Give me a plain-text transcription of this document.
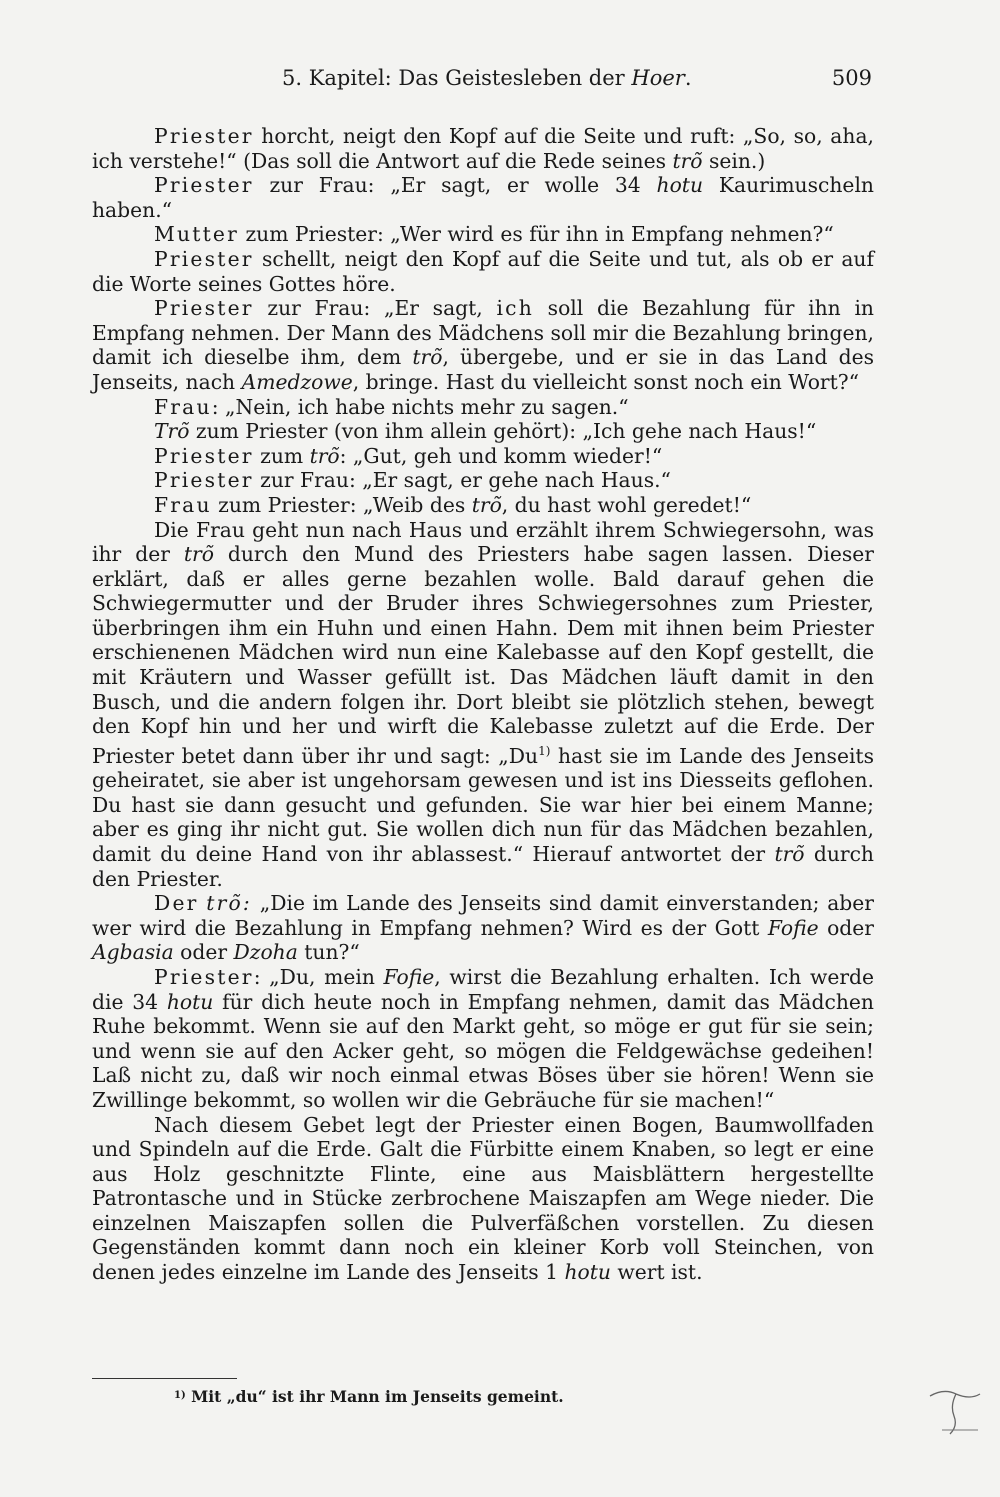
5. Kapitel: Das Geistesleben der Hoer.	509

Priester horcht, neigt den Kopf auf die Seite und ruft: „So, so, aha, ich verstehe!“ (Das soll die Antwort auf die Rede seines trõ sein.)

Priester zur Frau: „Er sagt, er wolle 34 hotu Kaurimuscheln haben.“

Mutter zum Priester: „Wer wird es für ihn in Empfang nehmen?“

Priester schellt, neigt den Kopf auf die Seite und tut, als ob er auf die Worte seines Gottes höre.

Priester zur Frau: „Er sagt, ich soll die Bezahlung für ihn in Empfang nehmen. Der Mann des Mädchens soll mir die Bezahlung bringen, damit ich dieselbe ihm, dem trõ, übergebe, und er sie in das Land des Jenseits, nach Amedzowe, bringe. Hast du vielleicht sonst noch ein Wort?“

Frau: „Nein, ich habe nichts mehr zu sagen.“

Trõ zum Priester (von ihm allein gehört): „Ich gehe nach Haus!“

Priester zum trõ: „Gut, geh und komm wieder!“

Priester zur Frau: „Er sagt, er gehe nach Haus.“

Frau zum Priester: „Weib des trõ, du hast wohl geredet!“

Die Frau geht nun nach Haus und erzählt ihrem Schwiegersohn, was ihr der trõ durch den Mund des Priesters habe sagen lassen. Dieser erklärt, daß er alles gerne bezahlen wolle. Bald darauf gehen die Schwiegermutter und der Bruder ihres Schwiegersohnes zum Priester, überbringen ihm ein Huhn und einen Hahn. Dem mit ihnen beim Priester erschienenen Mädchen wird nun eine Kalebasse auf den Kopf gestellt, die mit Kräutern und Wasser gefüllt ist. Das Mädchen läuft damit in den Busch, und die andern folgen ihr. Dort bleibt sie plötzlich stehen, bewegt den Kopf hin und her und wirft die Kalebasse zuletzt auf die Erde. Der Priester betet dann über ihr und sagt: „Du$^{1)}$ hast sie im Lande des Jenseits geheiratet, sie aber ist ungehorsam gewesen und ist ins Diesseits geflohen. Du hast sie dann gesucht und gefunden. Sie war hier bei einem Manne; aber es ging ihr nicht gut. Sie wollen dich nun für das Mädchen bezahlen, damit du deine Hand von ihr ablassest.“ Hierauf antwortet der trõ durch den Priester.

Der trõ: „Die im Lande des Jenseits sind damit einverstanden; aber wer wird die Bezahlung in Empfang nehmen? Wird es der Gott Fofie oder Agbasia oder Dzoha tun?“

Priester: „Du, mein Fofie, wirst die Bezahlung erhalten. Ich werde die 34 hotu für dich heute noch in Empfang nehmen, damit das Mädchen Ruhe bekommt. Wenn sie auf den Markt geht, so möge er gut für sie sein; und wenn sie auf den Acker geht, so mögen die Feldgewächse gedeihen! Laß nicht zu, daß wir noch einmal etwas Böses über sie hören! Wenn sie Zwillinge bekommt, so wollen wir die Gebräuche für sie machen!“

Nach diesem Gebet legt der Priester einen Bogen, Baumwollfaden und Spindeln auf die Erde. Galt die Fürbitte einem Knaben, so legt er eine aus Holz geschnitzte Flinte, eine aus Maisblättern hergestellte Patrontasche und in Stücke zerbrochene Maiszapfen am Wege nieder. Die einzelnen Maiszapfen sollen die Pulverfäßchen vorstellen. Zu diesen Gegenständen kommt dann noch ein kleiner Korb voll Steinchen, von denen jedes einzelne im Lande des Jenseits 1 hotu wert ist.

$^{1)}$ Mit „du“ ist ihr Mann im Jenseits gemeint.
